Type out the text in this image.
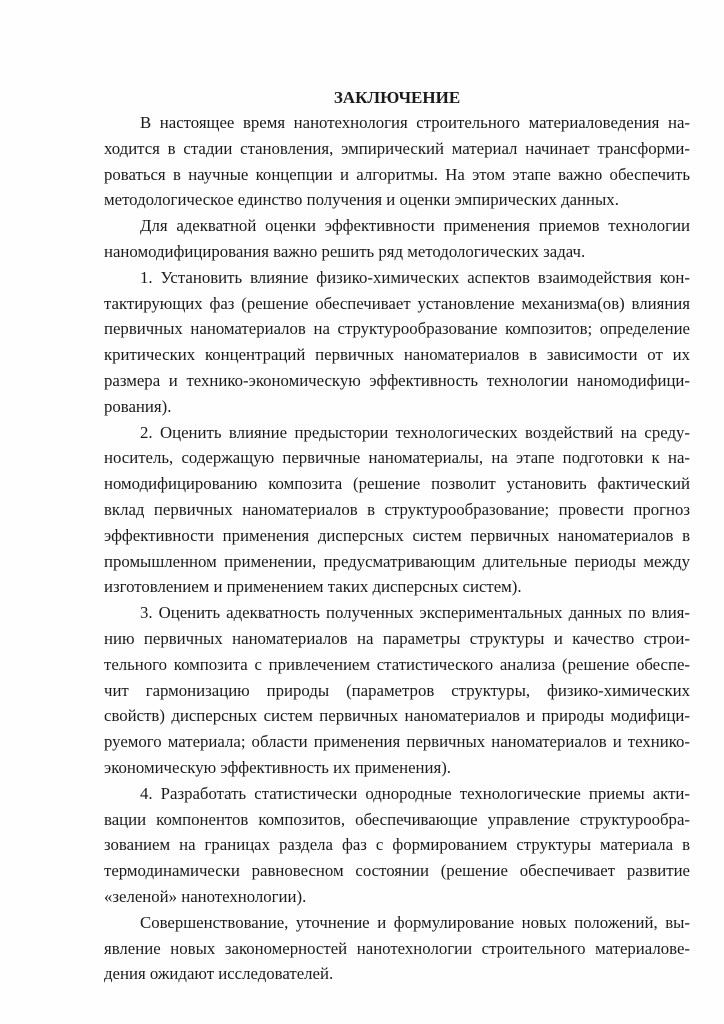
ЗАКЛЮЧЕНИЕ
В настоящее время нанотехнология строительного материаловедения на-
ходится в стадии становления, эмпирический материал начинает трансформи-
роваться в научные концепции и алгоритмы. На этом этапе важно обеспечить
методологическое единство получения и оценки эмпирических данных.
Для адекватной оценки эффективности применения приемов технологии
наномодифицирования важно решить ряд методологических задач.
1. Установить влияние физико-химических аспектов взаимодействия кон-
тактирующих фаз (решение обеспечивает установление механизма(ов) влияния
первичных наноматериалов на структурообразование композитов; определение
критических концентраций первичных наноматериалов в зависимости от их
размера и технико-экономическую эффективность технологии наномодифици-
рования).
2. Оценить влияние предыстории технологических воздействий на среду-
носитель, содержащую первичные наноматериалы, на этапе подготовки к на-
номодифицированию композита (решение позволит установить фактический
вклад первичных наноматериалов в структурообразование; провести прогноз
эффективности применения дисперсных систем первичных наноматериалов в
промышленном применении, предусматривающим длительные периоды между
изготовлением и применением таких дисперсных систем).
3. Оценить адекватность полученных экспериментальных данных по влия-
нию первичных наноматериалов на параметры структуры и качество строи-
тельного композита с привлечением статистического анализа (решение обеспе-
чит гармонизацию природы (параметров структуры, физико-химических
свойств) дисперсных систем первичных наноматериалов и природы модифици-
руемого материала; области применения первичных наноматериалов и технико-
экономическую эффективность их применения).
4. Разработать статистически однородные технологические приемы акти-
вации компонентов композитов, обеспечивающие управление структурообра-
зованием на границах раздела фаз с формированием структуры материала в
термодинамически равновесном состоянии (решение обеспечивает развитие
«зеленой» нанотехнологии).
Совершенствование, уточнение и формулирование новых положений, вы-
явление новых закономерностей нанотехнологии строительного материалове-
дения ожидают исследователей.
